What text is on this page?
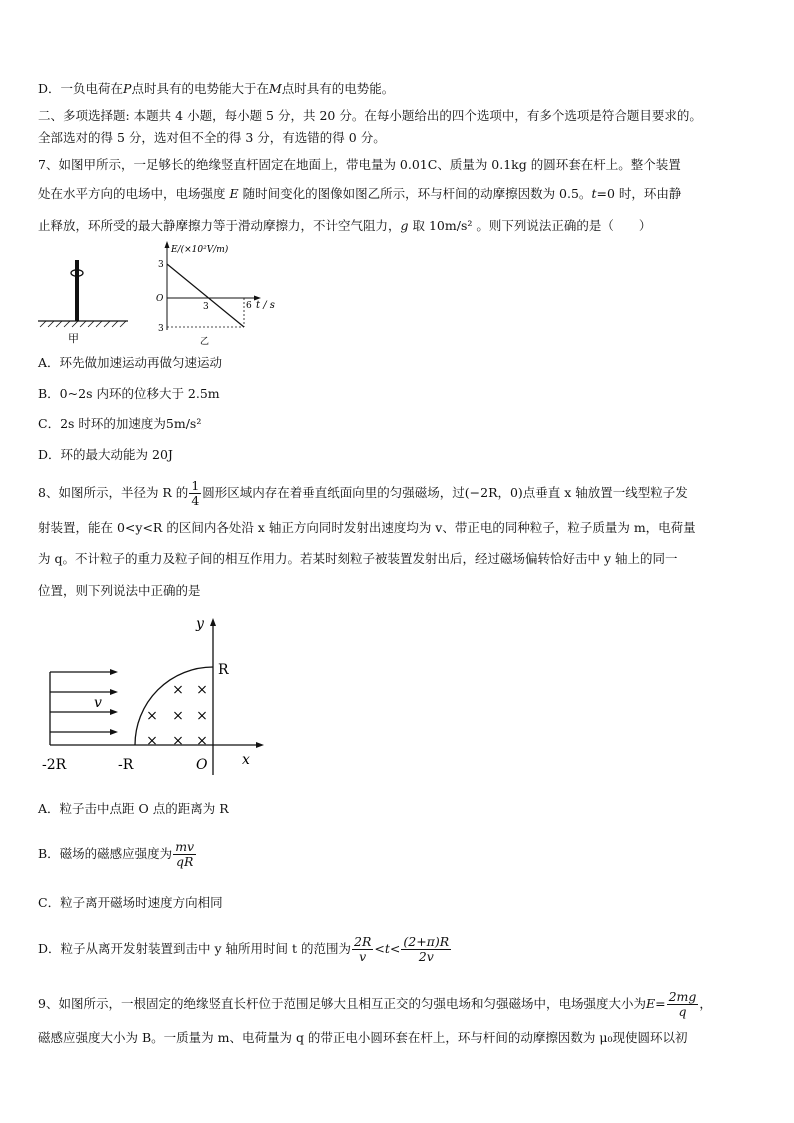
D．一负电荷在P点时具有的电势能大于在M点时具有的电势能。
二、多项选择题: 本题共 4 小题，每小题 5 分，共 20 分。在每小题给出的四个选项中，有多个选项是符合题目要求的。
全部选对的得 5 分，选对但不全的得 3 分，有选错的得 0 分。
7、如图甲所示，一足够长的绝缘竖直杆固定在地面上，带电量为 0.01C、质量为 0.1kg 的圆环套在杆上。整个装置
处在水平方向的电场中，电场强度 E 随时间变化的图像如图乙所示，环与杆间的动摩擦因数为 0.5。t=0 时，环由静
止释放，环所受的最大静摩擦力等于滑动摩擦力，不计空气阻力，g 取 10m/s² 。则下列说法正确的是（　　）
甲
E/(×10²V/m)
t / s
3
O
3
3	6
乙
A．环先做加速运动再做匀速运动
B．0~2s 内环的位移大于 2.5m
C．2s 时环的加速度为5m/s²
D．环的最大动能为 20J
8、如图所示，半径为 R 的 $\frac{1}{4}$ 圆形区域内存在着垂直纸面向里的匀强磁场，过(−2R，0)点垂直 x 轴放置一线型粒子发
射装置，能在 0<y<R 的区间内各处沿 x 轴正方向同时发射出速度均为 v、带正电的同种粒子，粒子质量为 m，电荷量
为 q。不计粒子的重力及粒子间的相互作用力。若某时刻粒子被装置发射出后，经过磁场偏转恰好击中 y 轴上的同一
位置，则下列说法中正确的是
y
x
R
v
× ×
× × ×
× × ×
-2R	-R	O
A．粒子击中点距 O 点的距离为 R
B．磁场的磁感应强度为 $\frac{mv}{qR}$
C．粒子离开磁场时速度方向相同
D．粒子从离开发射装置到击中 y 轴所用时间 t 的范围为 $\frac{2R}{v} <t< \frac{(2+\pi)R}{2v}$
9、如图所示，一根固定的绝缘竖直长杆位于范围足够大且相互正交的匀强电场和匀强磁场中，电场强度大小为$E= \frac{2mg}{q}$ ，
磁感应强度大小为 B。一质量为 m、电荷量为 q 的带正电小圆环套在杆上，环与杆间的动摩擦因数为 μ₀现使圆环以初
